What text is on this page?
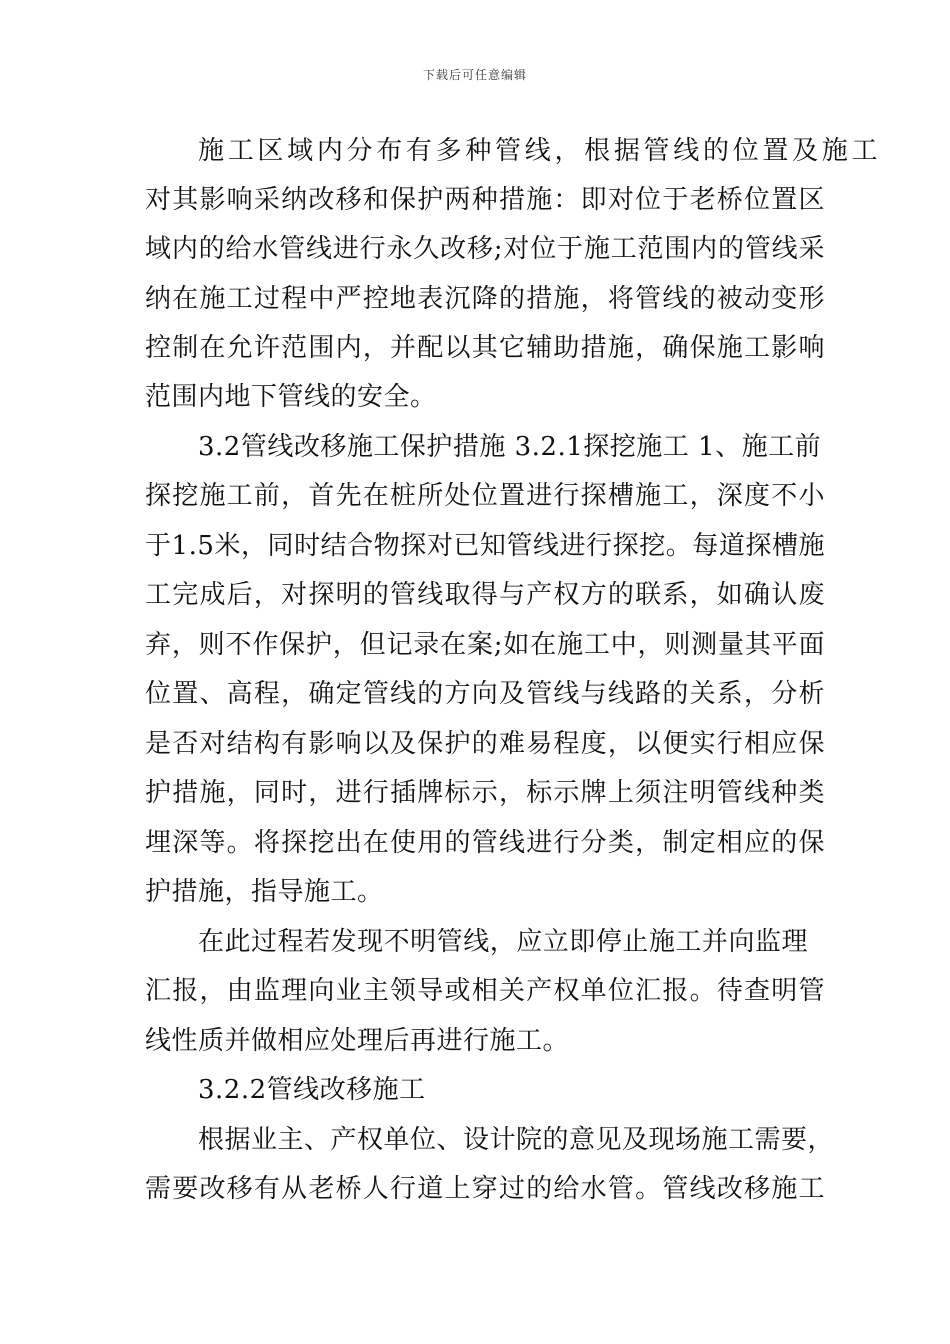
下载后可任意编辑
施工区域内分布有多种管线，根据管线的位置及施工
对其影响采纳改移和保护两种措施：即对位于老桥位置区
域内的给水管线进行永久改移;对位于施工范围内的管线采
纳在施工过程中严控地表沉降的措施，将管线的被动变形
控制在允许范围内，并配以其它辅助措施，确保施工影响
范围内地下管线的安全。
3.2管线改移施工保护措施 3.2.1探挖施工 1、施工前
探挖施工前，首先在桩所处位置进行探槽施工，深度不小
于1.5米，同时结合物探对已知管线进行探挖。每道探槽施
工完成后，对探明的管线取得与产权方的联系，如确认废
弃，则不作保护，但记录在案;如在施工中，则测量其平面
位置、高程，确定管线的方向及管线与线路的关系，分析
是否对结构有影响以及保护的难易程度，以便实行相应保
护措施，同时，进行插牌标示，标示牌上须注明管线种类
埋深等。将探挖出在使用的管线进行分类，制定相应的保
护措施，指导施工。
在此过程若发现不明管线，应立即停止施工并向监理
汇报，由监理向业主领导或相关产权单位汇报。待查明管
线性质并做相应处理后再进行施工。
3.2.2管线改移施工
根据业主、产权单位、设计院的意见及现场施工需要，
需要改移有从老桥人行道上穿过的给水管。管线改移施工
